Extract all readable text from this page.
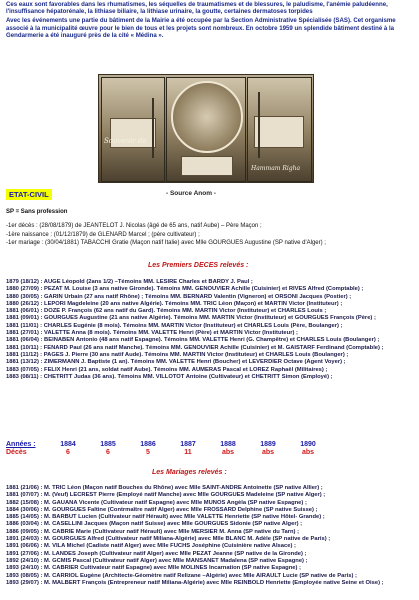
Ces eaux sont favorables dans les rhumatismes, les séquelles de traumatismes et de blessures, le paludisme, l'anémie paludéenne, l'insuffisance hépatorénale, la lithiase biliaire, la lithiase urinaire, la goutte, certaines dermatoses torpides

Avec les événements une partie du bâtiment de la Mairie a été occupée par la Section Administrative Spécialisée (SAS). Cet organisme associé à la municipalité œuvre pour le bien de tous et les projets sont nombreux. En octobre 1959 un splendide bâtiment destiné à la Gendarmerie a été inauguré près de la cité « Médina ».

Souvenir de
Hammam Righa
ETAT-CIVIL	- Source Anom -
SP = Sans profession
-1er décès : (28/08/1879) de JEANTELOT J. Nicolas (âgé de 65 ans, natif Aube) – Père Maçon ;
-1ère naissance : (01/12/1879) de GLENARD Marcel ; (père cultivateur) ;
-1er mariage : (30/04/1881) TABACCHI Gratie (Maçon natif Italie) avec Mlle GOURGUES Augustine (SP native d'Alger) ;
Les Premiers DECES relevés :
1879 (18/12) : AUGE Léopold (2ans 1/2) –Témoins MM. LESIRE Charles et BARDY J. Paul ;
1880 (27/09) : PEZAT M. Louise (3 ans native Gironde). Témoins MM. GENOUVIER Achille (Cuisinier) et RIVES Alfred (Comptable) ;
1880 (30/05) : GARIN Urbain (27 ans natif Rhône) ; Témoins MM. BERNARD Valentin (Vigneron) et ORSONI Jacques (Postier) ;
1880 (26/12) : LEPORI Magdeleine (20 ans native Algérie). Témoins MM. TRIC Léon (Maçon) et MARTIN Victor (Instituteur) ;
1881 (06/01) : DOZE P. François (62 ans natif du Gard). Témoins MM. MARTIN Victor (Instituteur) et CHARLES Louis ;
1881 (09/01) : GOURGUES Augustine (21 ans native Algérie). Témoins MM. MARTIN Victor (Instituteur) et GOURGUES François (Père) ;
1881 (11/01) : CHARLES Eugénie (8 mois). Témoins MM. MARTIN Victor (Instituteur) et CHARLES Louis (Père, Boulanger) ;
1881 (27/01) : VALETTE Anna (8 mois). Témoins MM. VALETTE Henri (Père) et MARTIN Victor (Instituteur) ;
1881 (06/04) : BEINABEN Antonio (48 ans natif Espagne). Témoins MM. VALETTE Henri (G. Champêtre) et CHARLES Louis (Boulanger) ;
1881 (10/11) : FENARD Paul (26 ans natif Manche). Témoins MM. GENOUVIER Achille (Cuisinier) et M. GAISTARF Ferdinand (Comptable) ;
1881 (11/12) : PAGES J. Pierre (30 ans natif Aude). Témoins MM. MARTIN Victor (Instituteur) et CHARLES Louis (Boulanger) ;
1881 (13/12) : ZIMERMANN J. Baptiste (1 an). Témoins MM. VALETTE Henri (Boucher) et LEVERDIER Octave (Agent Voyer) ;
1883 (07/05) : FELIX Henri (21 ans, soldat natif Aube). Témoins MM. AUMERAS Pascal et LOREZ Raphaël (Militaires) ;
1883 (08/11) : CHETRITT Judas (36 ans). Témoins MM. VILLOTOT Antoine (Cultivateur) et CHETRITT Simon (Employé) ;
Années :	1884	1885	1886	1887	1888	1889	1890
Décès	6	6	5	11	abs	abs	abs
Les Mariages relevés :
1881 (21/06) : M. TRIC Léon (Maçon natif Bouches du Rhône) avec Mlle SAINT-ANDRE Antoinette (SP native Allier) ;
1881 (07/07) : M. (Veuf) LECREST Pierre (Employé natif Manche) avec Mlle GOURGUES Madeleine (SP native Alger) ;
1882 (15/08) : M. GAUANA Vicente (Cultivateur natif Espagne) avec Mlle MUNOS Angèla (SP native Espagne) ;
1884 (30/06) : M. GOURGUES Faltine (Contrmaître natif Alger) avec Mlle FROSSARD Delphine (SP native Suisse) ;
1885 (14/05) : M. BARBUT Lucien (Cultivateur natif Hérault) avec Mlle VALETTE Henriette (SP native Hôtel- Grande) ;
1886 (03/04) : M. CASELLINI Jacques (Maçon natif Suisse) avec Mlle GOURGUES Sidonie (SP native Alger) ;
1886 (09/05) : M. CABRIE Marie (Cultivateur natif Hérault) avec Mlle MERSIER M. Anna (SP native du Tarn) ;
1891 (24/03) : M. GOURGUES Alfred (Cultivateur natif Miliana-Algérie) avec Mlle BLANC M. Adèle (SP native de Paris) ;
1891 (06/06) : M. VILA Michel (Cadiste natif Alger) avec Mlle FUCHS Joséphine (Cuisinière native Alsace) ;
1891 (27/06) : M. LANDES Joseph (Cultivateur natif Alger) avec Mlle PEZAT Jeanne (SP native de la Gironde) ;
1892 (24/10) : M. GCMIS Pascal (Cultivateur natif Alger) avec Mlle MANSANET Madalena (SP native Espagne) ;
1893 (24/10) : M. CABRIER Cultivateur natif Espagne) avec Mlle MOLINES Incarnation (SP native Espagne) ;
1893 (08/05) : M. CARRIOL Eugène (Architecte-Géomètre natif Relizane –Algérie) avec Mlle AIRAULT Lucie (SP native de Paris) ;
1893 (29/07) : M. MALBERT François (Entrepreneur natif Miliana-Algérie) avec Mlle REINBOLD Henriette (Employée native Seine et Oise) ;
